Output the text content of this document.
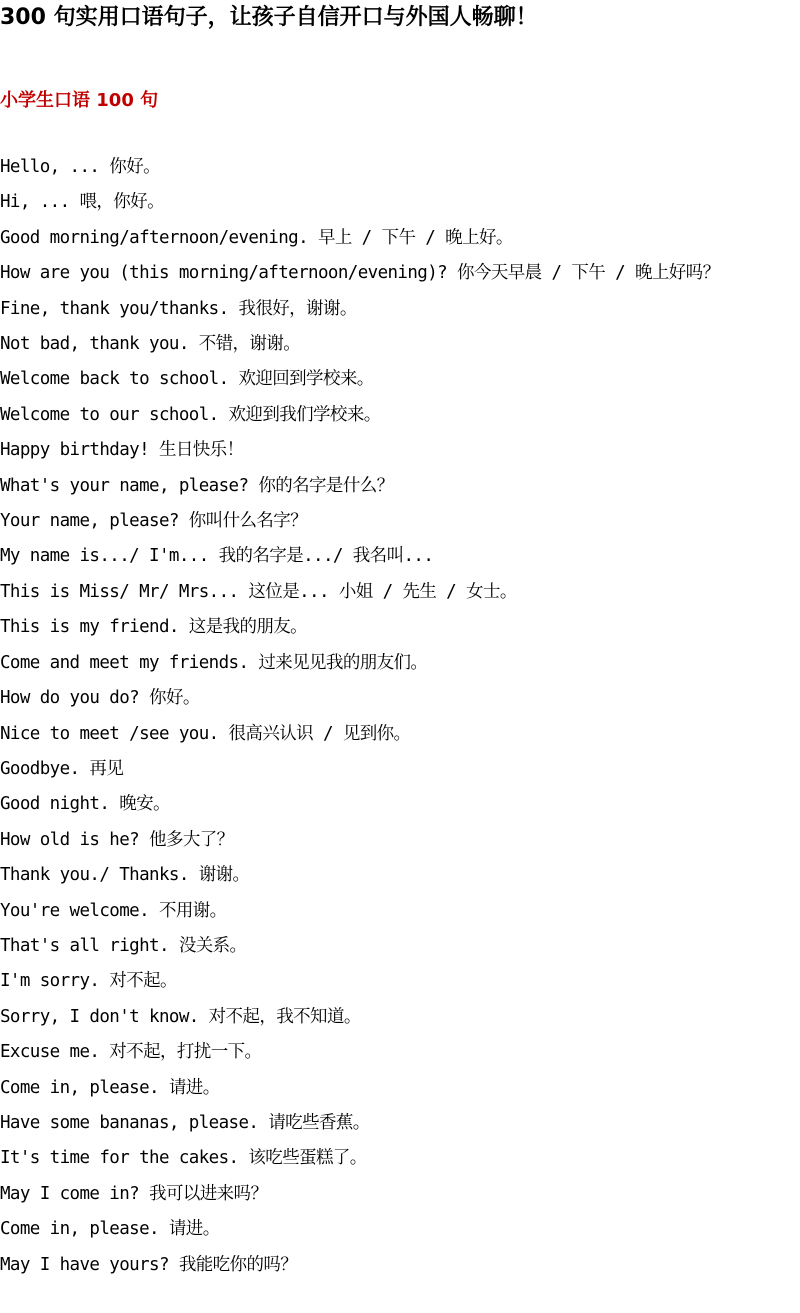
300 句实用口语句子，让孩子自信开口与外国人畅聊！
小学生口语 100 句
Hello, ... 你好。
Hi, ... 喂，你好。
Good morning/afternoon/evening. 早上 / 下午 / 晚上好。
How are you (this morning/afternoon/evening)? 你今天早晨 / 下午 / 晚上好吗？
Fine, thank you/thanks. 我很好，谢谢。
Not bad, thank you. 不错，谢谢。
Welcome back to school. 欢迎回到学校来。
Welcome to our school. 欢迎到我们学校来。
Happy birthday! 生日快乐！
What's your name, please? 你的名字是什么？
Your name, please? 你叫什么名字？
My name is.../ I'm... 我的名字是.../ 我名叫...
This is Miss/ Mr/ Mrs... 这位是... 小姐 / 先生 / 女士。
This is my friend. 这是我的朋友。
Come and meet my friends. 过来见见我的朋友们。
How do you do? 你好。
Nice to meet /see you. 很高兴认识 / 见到你。
Goodbye. 再见
Good night. 晚安。
How old is he? 他多大了？
Thank you./ Thanks. 谢谢。
You're welcome. 不用谢。
That's all right. 没关系。
I'm sorry. 对不起。
Sorry, I don't know. 对不起，我不知道。
Excuse me. 对不起，打扰一下。
Come in, please. 请进。
Have some bananas, please. 请吃些香蕉。
It's time for the cakes. 该吃些蛋糕了。
May I come in? 我可以进来吗？
Come in, please. 请进。
May I have yours? 我能吃你的吗？
